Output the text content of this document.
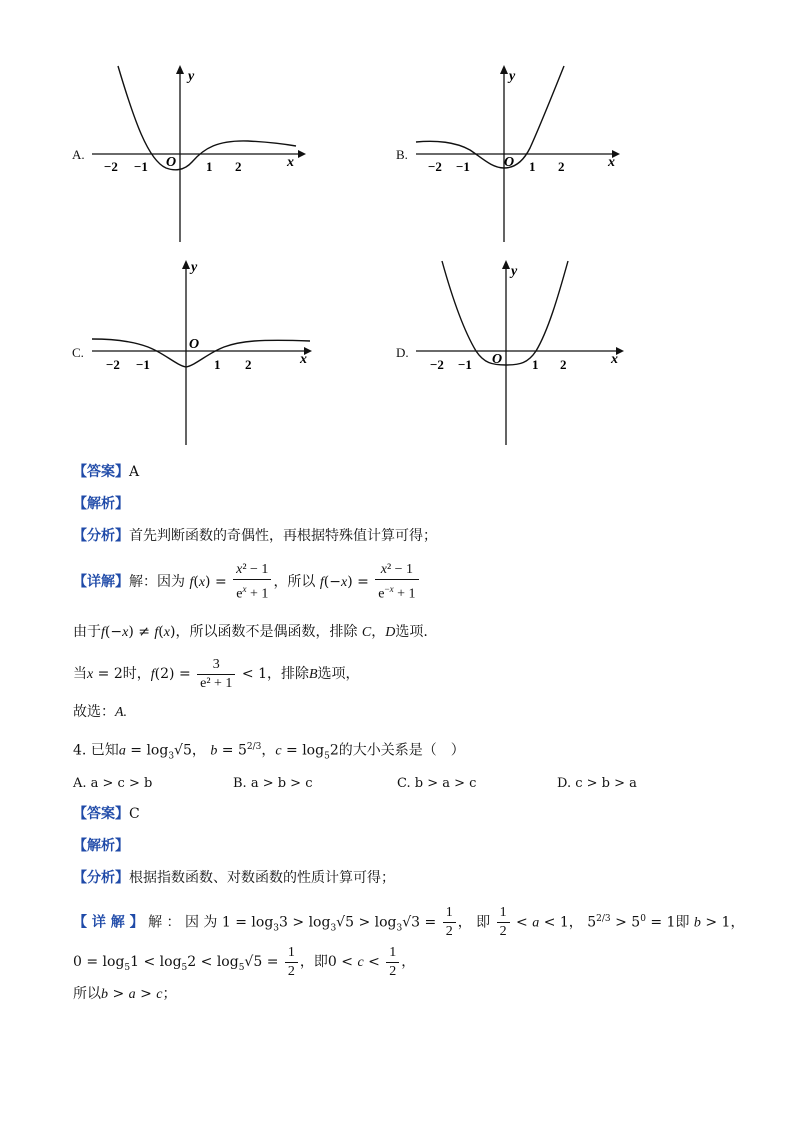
A.
y
x
O
−2 −1	1 2
B.
y
x
O
−2 −1	1 2
C.
y
x
O
−2 −1	1 2
D.
y
x
O
−2 −1	1 2
【答案】A
【解析】
【分析】首先判断函数的奇偶性，再根据特殊值计算可得；
【详解】解：因为 $f(x) = \frac{\text{x² − 1}}{e^x + 1}$ ，所以 $f(-x) = \frac{\text{x² − 1}}{e^{-x} + 1}$
由于f(−x) ≠ f(x)，所以函数不是偶函数，排除 C，D选项.
当x = 2时，$f(2) = \frac{3}{\text{e² + 1}} < 1$，排除B选项，
故选：A.
4. 已知$a = \log_3√5$， $b = 5^{2/3}$，$c = \log_52$的大小关系是（　）
A. a > c > b	B. a > b > c	C. b > a > c	D. c > b > a
【答案】C
【解析】
【分析】根据指数函数、对数函数的性质计算可得；
【 详 解 】 解 ： 因 为 $1 = \log_33 > \log_3√5 > \log_3√3 = \frac{1}{2}$ ， 即 $\frac{1}{2} < a < 1$， $5^{2/3} > 5^0 = 1$即 b > 1，
$0 = \log_51 < \log_52 < \log_5√5 = \frac{1}{2}$ ，即$0 < c < \frac{1}{2}$ ，
所以b > a > c；
